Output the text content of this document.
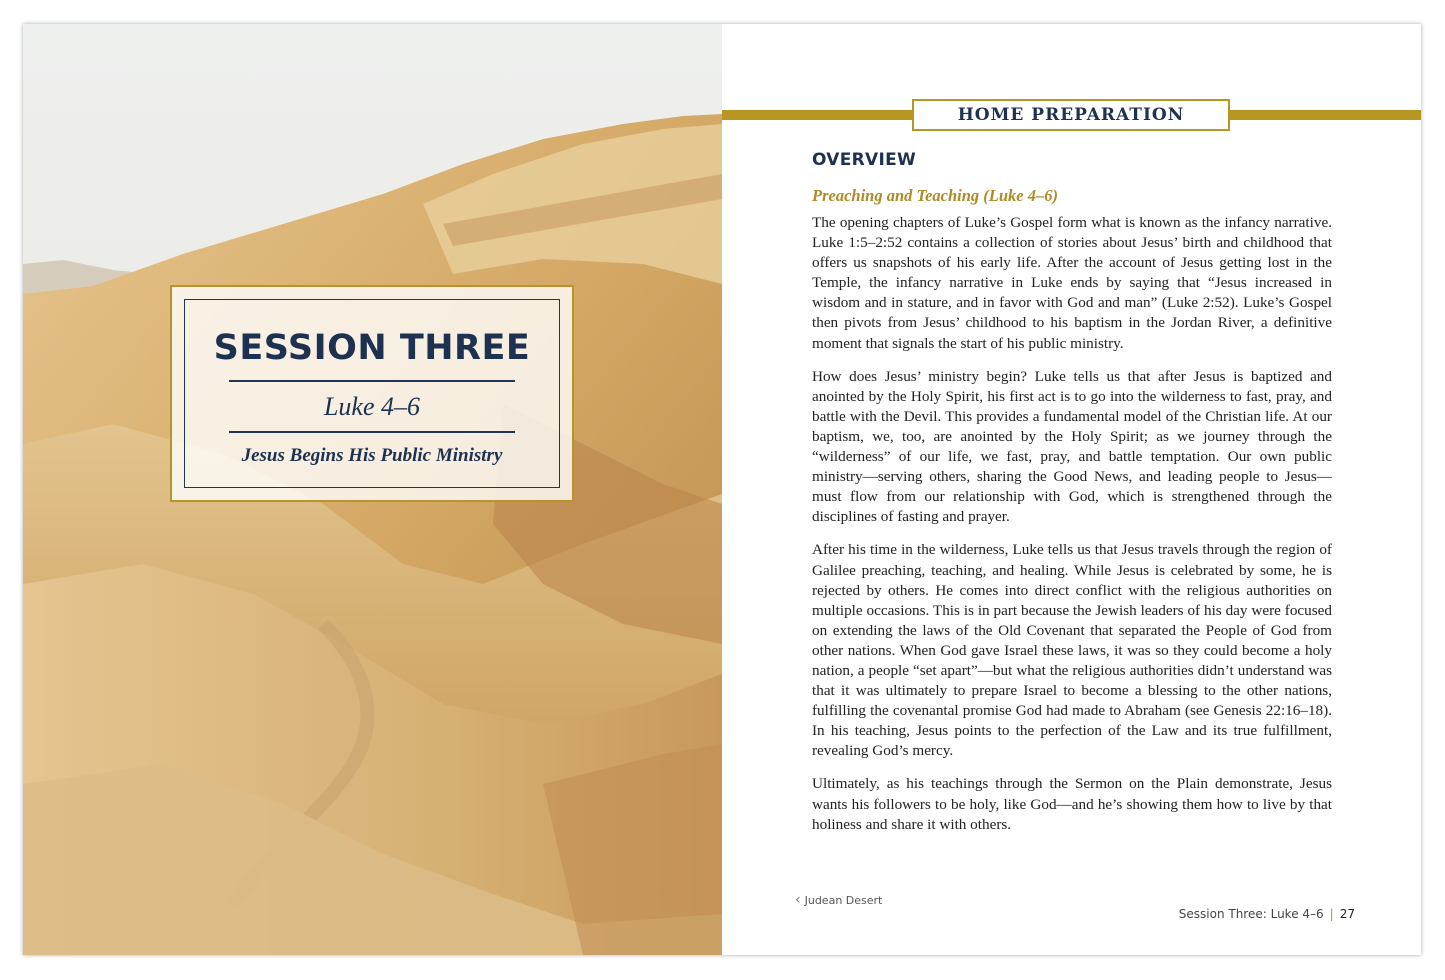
SESSION THREE
Luke 4–6
Jesus Begins His Public Ministry
HOME PREPARATION
OVERVIEW
Preaching and Teaching (Luke 4–6)

The opening chapters of Luke’s Gospel form what is known as the infancy narrative. Luke 1:5–2:52 contains a collection of stories about Jesus’ birth and childhood that offers us snapshots of his early life. After the account of Jesus getting lost in the Temple, the infancy narrative in Luke ends by saying that “Jesus increased in wisdom and in stature, and in favor with God and man” (Luke 2:52). Luke’s Gospel then pivots from Jesus’ childhood to his baptism in the Jordan River, a definitive moment that signals the start of his public ministry.

How does Jesus’ ministry begin? Luke tells us that after Jesus is baptized and anointed by the Holy Spirit, his first act is to go into the wilderness to fast, pray, and battle with the Devil. This provides a fundamental model of the Christian life. At our baptism, we, too, are anointed by the Holy Spirit; as we journey through the “wilderness” of our life, we fast, pray, and battle temptation. Our own public ministry—serving others, sharing the Good News, and leading people to Jesus—must flow from our relationship with God, which is strengthened through the disciplines of fasting and prayer.

After his time in the wilderness, Luke tells us that Jesus travels through the region of Galilee preaching, teaching, and healing. While Jesus is celebrated by some, he is rejected by others. He comes into direct conflict with the religious authorities on multiple occasions. This is in part because the Jewish leaders of his day were focused on extending the laws of the Old Covenant that separated the People of God from other nations. When God gave Israel these laws, it was so they could become a holy nation, a people “set apart”—but what the religious authorities didn’t understand was that it was ultimately to prepare Israel to become a blessing to the other nations, fulfilling the covenantal promise God had made to Abraham (see Genesis 22:16–18). In his teaching, Jesus points to the perfection of the Law and its true fulfillment, revealing God’s mercy.

Ultimately, as his teachings through the Sermon on the Plain demonstrate, Jesus wants his followers to be holy, like God—and he’s showing them how to live by that holiness and share it with others.

‹ Judean Desert
Session Three: Luke 4–6 | 27
